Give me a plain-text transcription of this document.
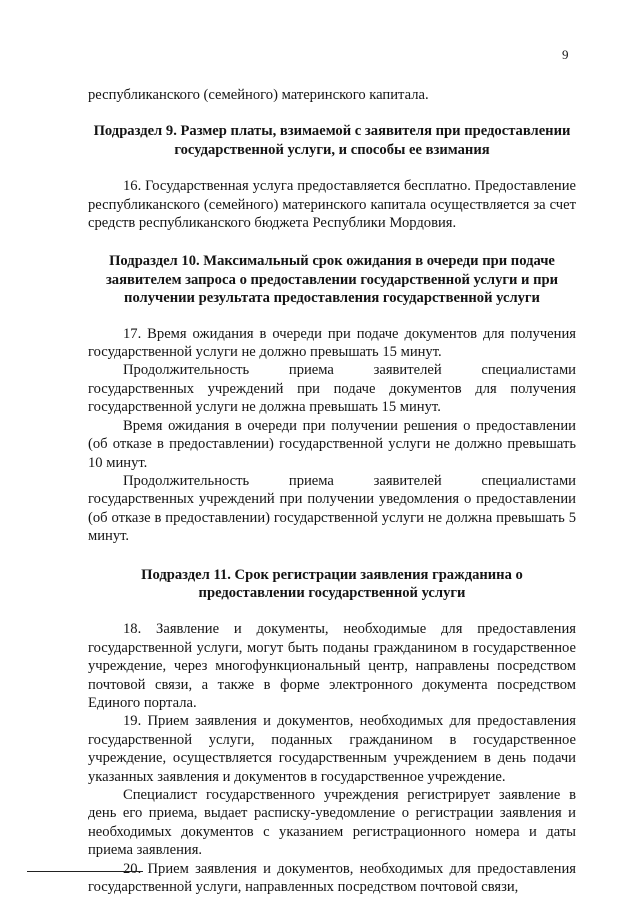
9

республиканского (семейного) материнского капитала.

Подраздел 9. Размер платы, взимаемой с заявителя при предоставлении государственной услуги, и способы ее взимания

16. Государственная услуга предоставляется бесплатно. Предоставление республиканского (семейного) материнского капитала осуществляется за счет средств республиканского бюджета Республики Мордовия.

Подраздел 10. Максимальный срок ожидания в очереди при подаче заявителем запроса о предоставлении государственной услуги и при получении результата предоставления государственной услуги

17. Время ожидания в очереди при подаче документов для получения государственной услуги не должно превышать 15 минут.

Продолжительность приема заявителей специалистами государственных учреждений при подаче документов для получения государственной услуги не должна превышать 15 минут.

Время ожидания в очереди при получении решения о предоставлении (об отказе в предоставлении) государственной услуги не должно превышать 10 минут.

Продолжительность приема заявителей специалистами государственных учреждений при получении уведомления о предоставлении (об отказе в предоставлении) государственной услуги не должна превышать 5 минут.

Подраздел 11. Срок регистрации заявления гражданина о предоставлении государственной услуги

18. Заявление и документы, необходимые для предоставления государственной услуги, могут быть поданы гражданином в государственное учреждение, через многофункциональный центр, направлены посредством почтовой связи, а также в форме электронного документа посредством Единого портала.

19. Прием заявления и документов, необходимых для предоставления государственной услуги, поданных гражданином в государственное учреждение, осуществляется государственным учреждением в день подачи указанных заявления и документов в государственное учреждение.

Специалист государственного учреждения регистрирует заявление в день его приема, выдает расписку-уведомление о регистрации заявления и необходимых документов с указанием регистрационного номера и даты приема заявления.

20. Прием заявления и документов, необходимых для предоставления государственной услуги, направленных посредством почтовой связи,
